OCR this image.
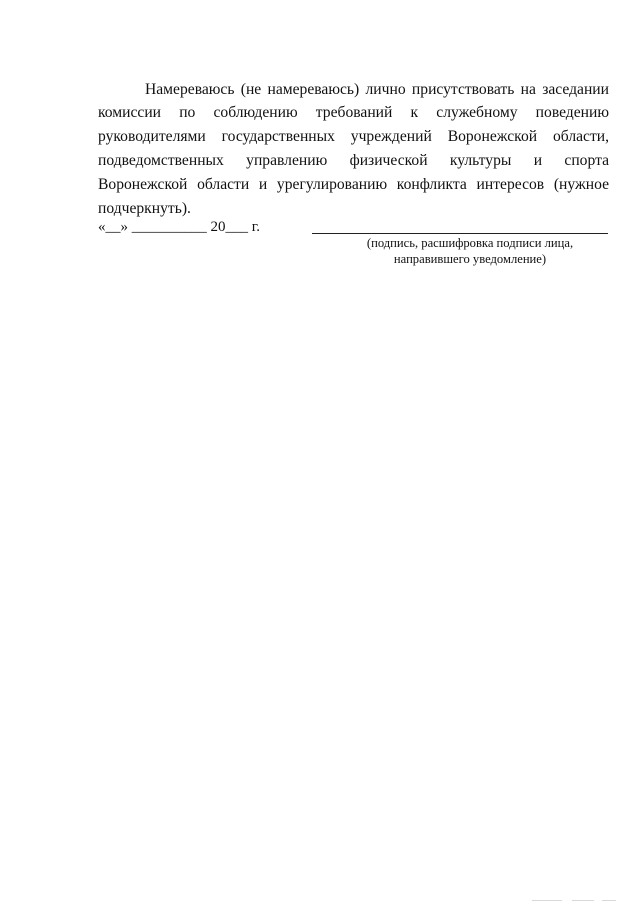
Намереваюсь (не намереваюсь) лично присутствовать на заседании комиссии по соблюдению требований к служебному поведению руководителями государственных учреждений Воронежской области, подведомственных управлению физической культуры и спорта Воронежской области и урегулированию конфликта интересов (нужное подчеркнуть).

«__» __________ 20___ г.
(подпись, расшифровка подписи лица,
направившего уведомление)
